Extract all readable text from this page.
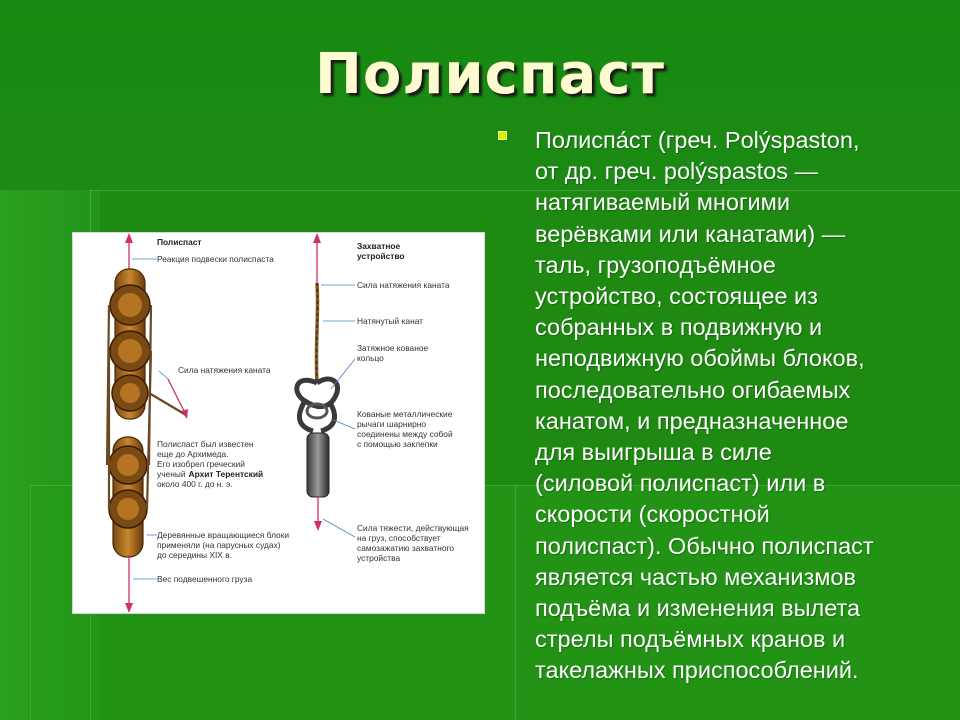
Полиспаст
Полиспаст
Реакция подвески полиспаста
Сила натяжения каната
Полиспаст был известен
еще до Архимеда.
Его изобрел греческий
ученый Архит Терентский
около 400 г. до н. э.
Деревянные вращающиеся блоки
применяли (на парусных судах)
до середины XIX в.
Вес подвешенного груза
Захватное
устройство
Сила натяжения каната
Натянутый канат
Затяжное кованое
кольцо
Кованые металлические
рычаги шарнирно
соединены между собой
с помощью заклепки
Сила тяжести, действующая
на груз, способствует
самозажатию захватного
устройства
Полиспа́ст (греч. Polýspaston,
от др. греч. polýspastos —
натягиваемый многими
верёвками или канатами) —
таль, грузоподъёмное
устройство, состоящее из
собранных в подвижную и
неподвижную обоймы блоков,
последовательно огибаемых
канатом, и предназначенное
для выигрыша в силе
(силовой полиспаст) или в
скорости (скоростной
полиспаст). Обычно полиспаст
является частью механизмов
подъёма и изменения вылета
стрелы подъёмных кранов и
такелажных приспособлений.
